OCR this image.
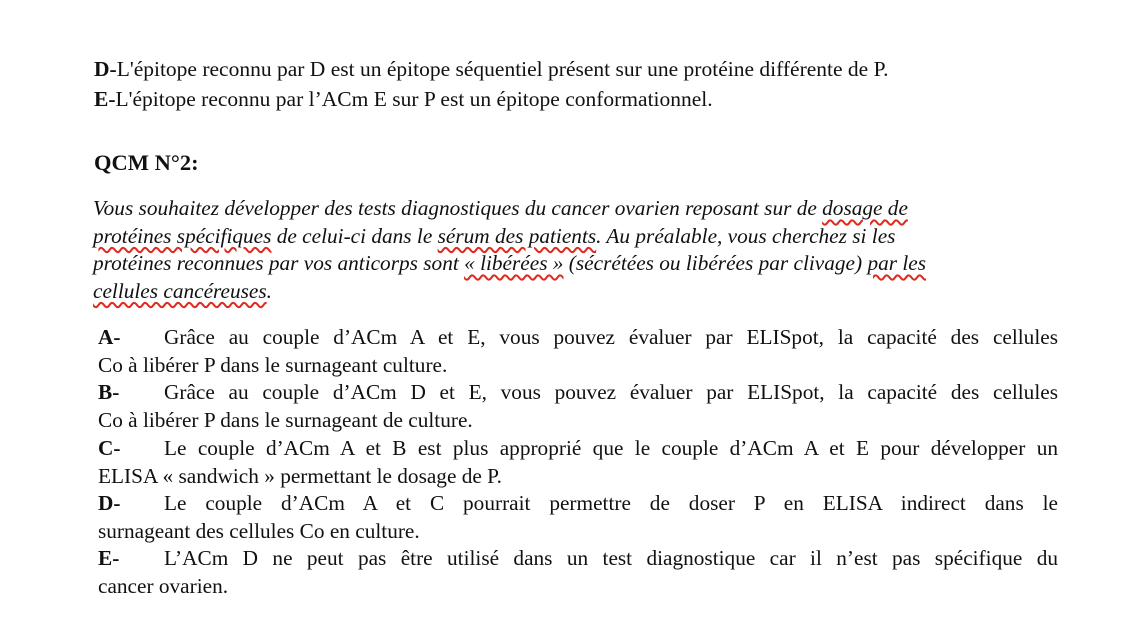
D-L'épitope reconnu par D est un épitope séquentiel présent sur une protéine différente de P.
E-L'épitope reconnu par l’ACm E sur P est un épitope conformationnel.
QCM N°2:
Vous souhaitez développer des tests diagnostiques du cancer ovarien reposant sur de dosage de
protéines spécifiques de celui-ci dans le sérum des patients. Au préalable, vous cherchez si les
protéines reconnues par vos anticorps sont « libérées » (sécrétées ou libérées par clivage) par les
cellules cancéreuses.
A-	Grâce au couple d’ACm A et E, vous pouvez évaluer par ELISpot, la capacité des cellules
Co à libérer P dans le surnageant culture.
B-	Grâce au couple d’ACm D et E, vous pouvez évaluer par ELISpot, la capacité des cellules
Co à libérer P dans le surnageant de culture.
C-	Le couple d’ACm A et B est plus approprié que le couple d’ACm A et E pour développer un
ELISA « sandwich » permettant le dosage de P.
D-	Le couple d’ACm A et C pourrait permettre de doser P en ELISA indirect dans le
surnageant des cellules Co en culture.
E-	L’ACm D ne peut pas être utilisé dans un test diagnostique car il n’est pas spécifique du
cancer ovarien.
